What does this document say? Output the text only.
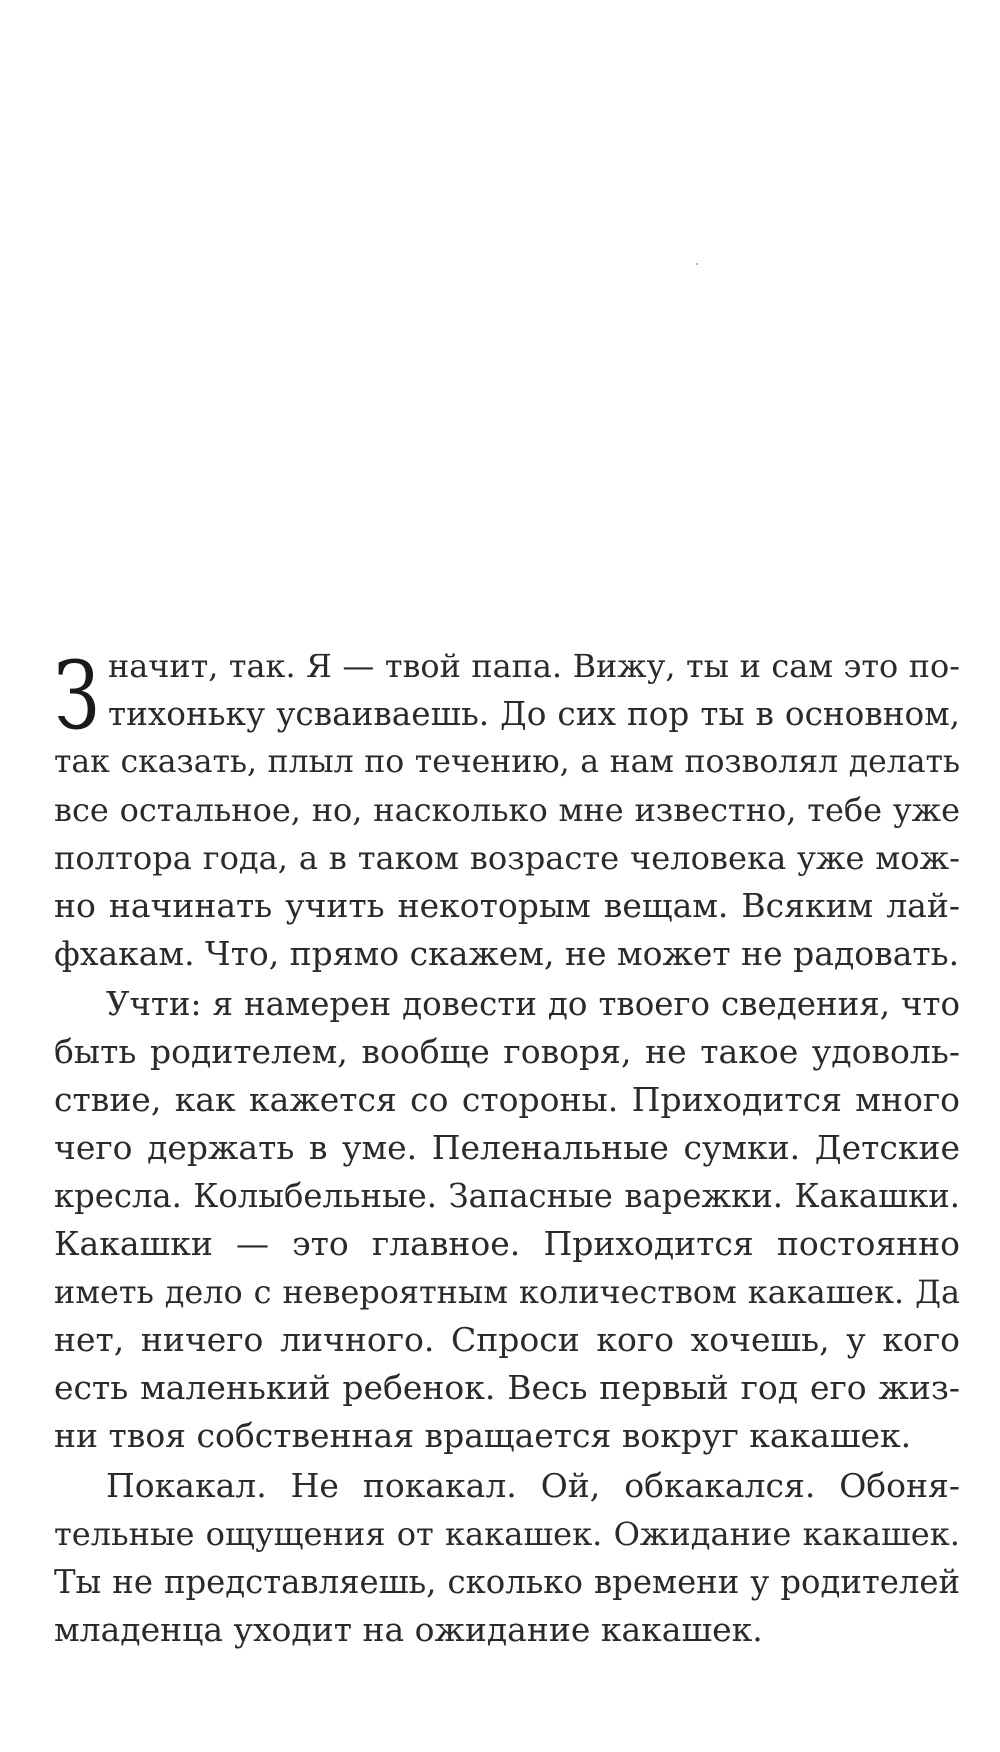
З начит, так. Я — твой папа. Вижу, ты и сам это по-
тихоньку усваиваешь. До сих пор ты в основном,
так сказать, плыл по течению, а нам позволял делать
все остальное, но, насколько мне известно, тебе уже
полтора года, а в таком возрасте человека уже мож-
но начинать учить некоторым вещам. Всяким лай-
фхакам. Что, прямо скажем, не может не радовать.
Учти: я намерен довести до твоего сведения, что
быть родителем, вообще говоря, не такое удоволь-
ствие, как кажется со стороны. Приходится много
чего держать в уме. Пеленальные сумки. Детские
кресла. Колыбельные. Запасные варежки. Какашки.
Какашки — это главное. Приходится постоянно
иметь дело с невероятным количеством какашек. Да
нет, ничего личного. Спроси кого хочешь, у кого
есть маленький ребенок. Весь первый год его жиз-
ни твоя собственная вращается вокруг какашек.
Покакал. Не покакал. Ой, обкакался. Обоня-
тельные ощущения от какашек. Ожидание какашек.
Ты не представляешь, сколько времени у родителей
младенца уходит на ожидание какашек.
